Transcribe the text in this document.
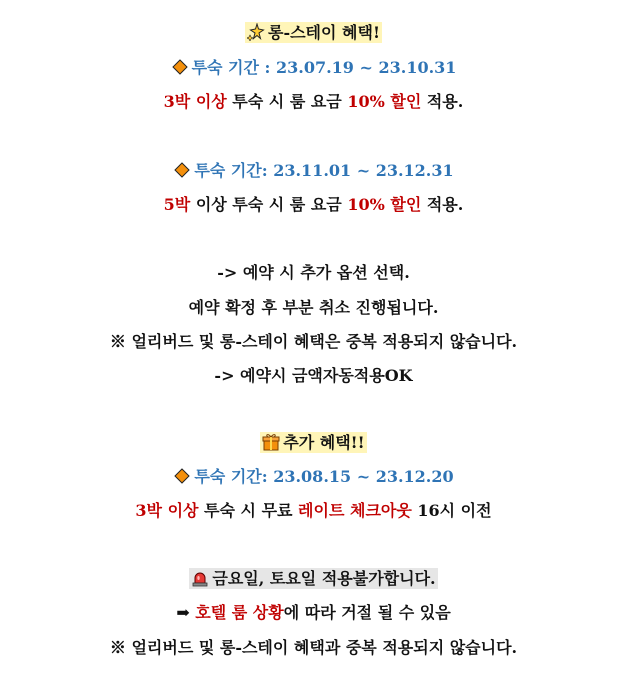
롱-스테이 혜택!
투숙 기간 : 23.07.19 ~ 23.10.31
3박 이상 투숙 시 룸 요금 10% 할인 적용.
투숙 기간: 23.11.01 ~ 23.12.31
5박 이상 투숙 시 룸 요금 10% 할인 적용.
-> 예약 시 추가 옵션 선택.
예약 확정 후 부분 취소 진행됩니다.
※ 얼리버드 및 롱-스테이 혜택은 중복 적용되지 않습니다.
-> 예약시 금액자동적용OK
추가 혜택!!
투숙 기간: 23.08.15 ~ 23.12.20
3박 이상 투숙 시 무료 레이트 체크아웃 16시 이전
금요일, 토요일 적용불가합니다.
➡ 호텔 룸 상황에 따라 거절 될 수 있음
※ 얼리버드 및 롱-스테이 혜택과 중복 적용되지 않습니다.
